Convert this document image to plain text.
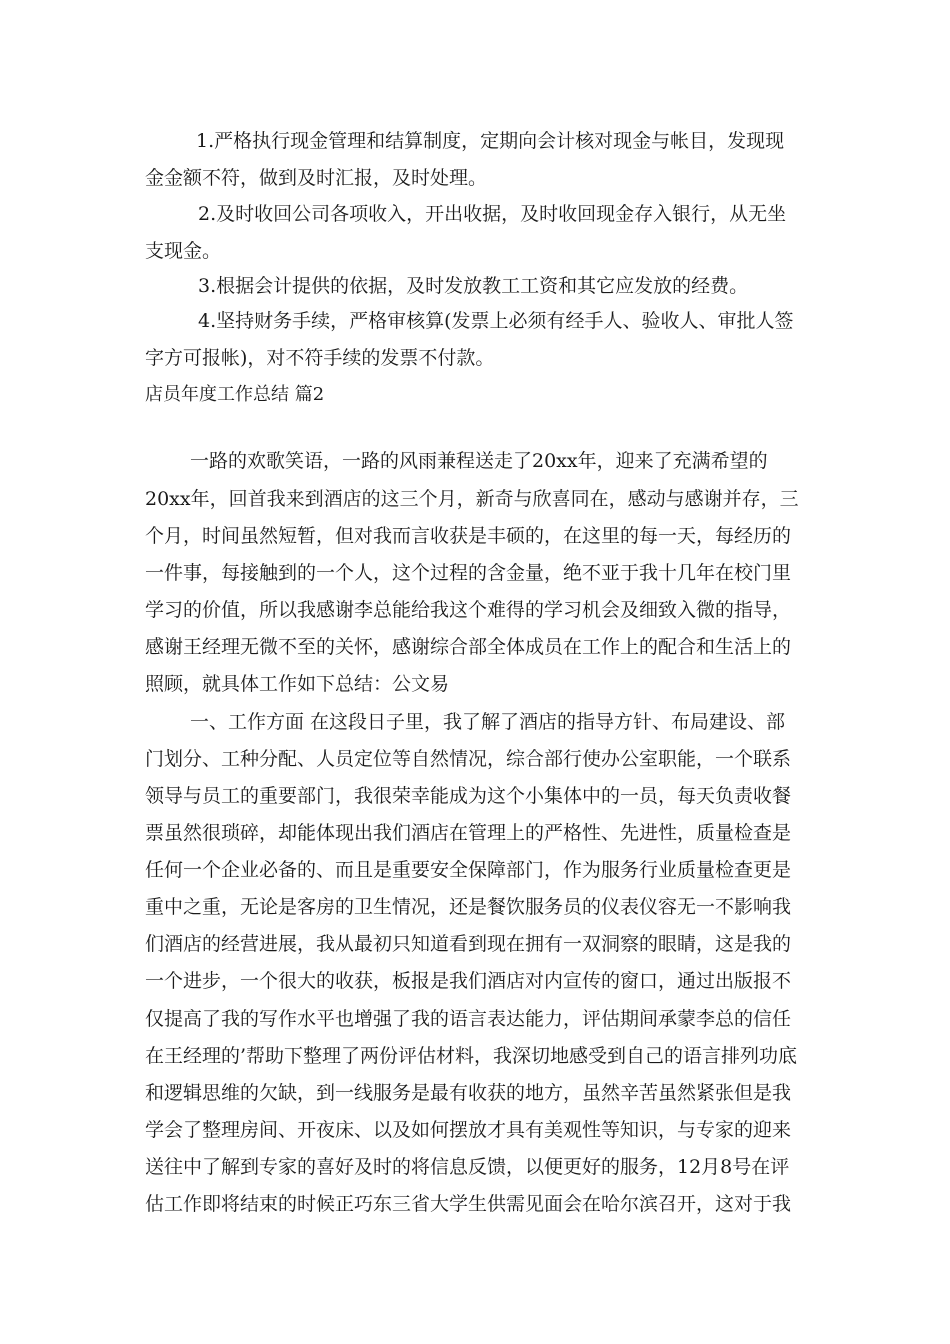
1.严格执行现金管理和结算制度，定期向会计核对现金与帐目，发现现
金金额不符，做到及时汇报，及时处理。
2.及时收回公司各项收入，开出收据，及时收回现金存入银行，从无坐
支现金。
3.根据会计提供的依据，及时发放教工工资和其它应发放的经费。
4.坚持财务手续，严格审核算(发票上必须有经手人、验收人、审批人签
字方可报帐)，对不符手续的发票不付款。
店员年度工作总结 篇2
一路的欢歌笑语，一路的风雨兼程送走了20xx年，迎来了充满希望的
20xx年，回首我来到酒店的这三个月，新奇与欣喜同在，感动与感谢并存，三
个月，时间虽然短暂，但对我而言收获是丰硕的，在这里的每一天，每经历的
一件事，每接触到的一个人，这个过程的含金量，绝不亚于我十几年在校门里
学习的价值，所以我感谢李总能给我这个难得的学习机会及细致入微的指导，
感谢王经理无微不至的关怀，感谢综合部全体成员在工作上的配合和生活上的
照顾，就具体工作如下总结：公文易
一、工作方面 在这段日子里，我了解了酒店的指导方针、布局建设、部
门划分、工种分配、人员定位等自然情况，综合部行使办公室职能，一个联系
领导与员工的重要部门，我很荣幸能成为这个小集体中的一员，每天负责收餐
票虽然很琐碎，却能体现出我们酒店在管理上的严格性、先进性，质量检查是
任何一个企业必备的、而且是重要安全保障部门，作为服务行业质量检查更是
重中之重，无论是客房的卫生情况，还是餐饮服务员的仪表仪容无一不影响我
们酒店的经营进展，我从最初只知道看到现在拥有一双洞察的眼睛，这是我的
一个进步，一个很大的收获，板报是我们酒店对内宣传的窗口，通过出版报不
仅提高了我的写作水平也增强了我的语言表达能力，评估期间承蒙李总的信任
在王经理的’帮助下整理了两份评估材料，我深切地感受到自己的语言排列功底
和逻辑思维的欠缺，到一线服务是最有收获的地方，虽然辛苦虽然紧张但是我
学会了整理房间、开夜床、以及如何摆放才具有美观性等知识，与专家的迎来
送往中了解到专家的喜好及时的将信息反馈，以便更好的服务，12月8号在评
估工作即将结束的时候正巧东三省大学生供需见面会在哈尔滨召开，这对于我
